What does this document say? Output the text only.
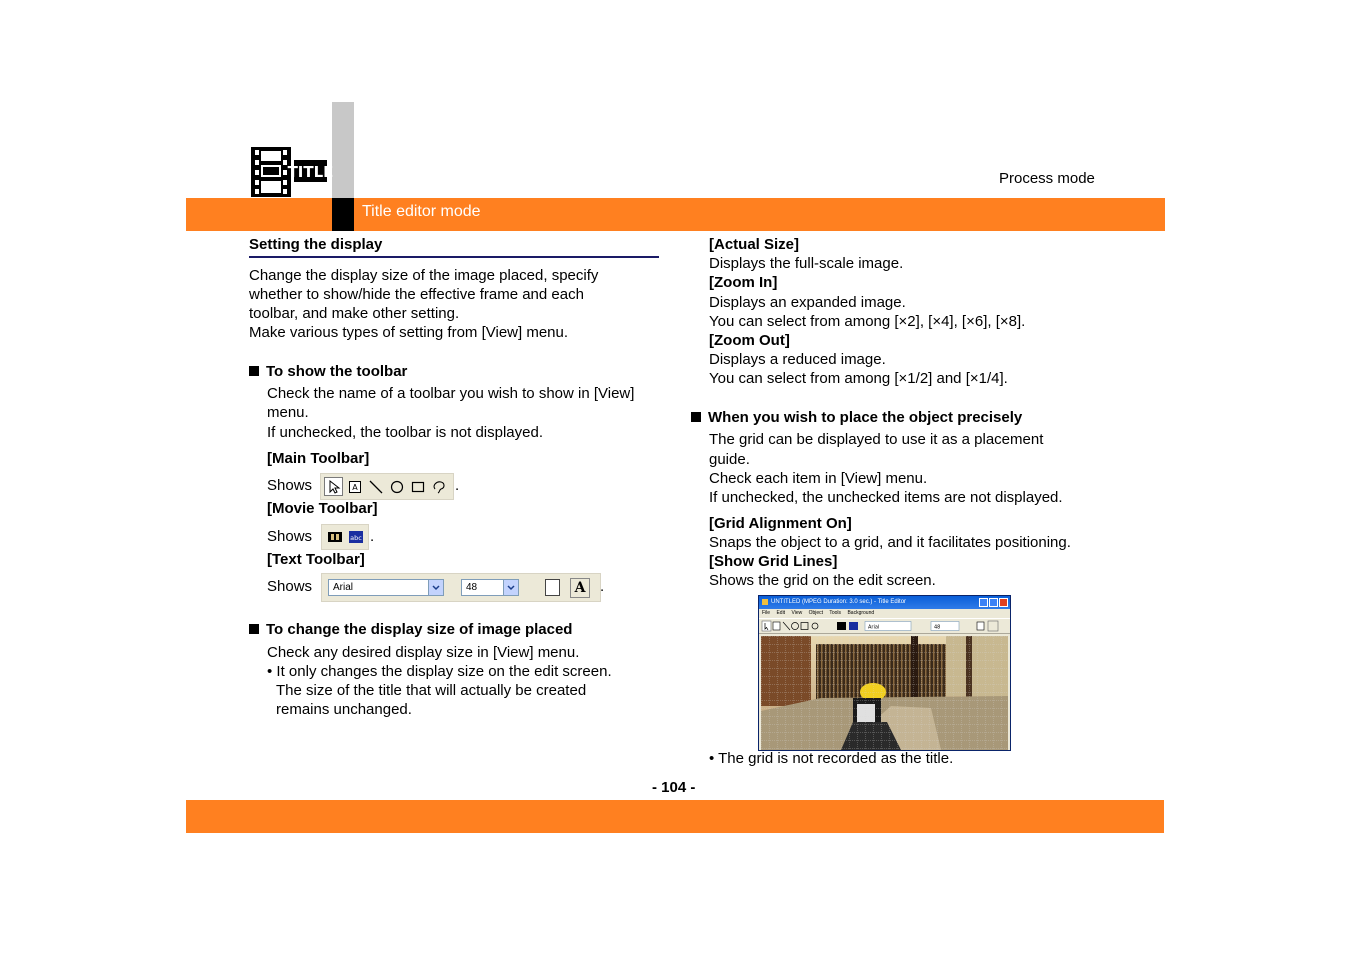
Title editor mode
TITLE	Process mode
Setting the display
Change the display size of the image placed, specify
whether to show/hide the effective frame and each
toolbar, and make other setting.
Make various types of setting from [View] menu.
To show the toolbar
Check the name of a toolbar you wish to show in [View]
menu.
If unchecked, the toolbar is not displayed.
[Main Toolbar]
Shows	A	.
[Movie Toolbar]
Shows	abc .
[Text Toolbar]
Shows	Arial	48	A .
To change the display size of image placed
Check any desired display size in [View] menu.
• It only changes the display size on the edit screen.
The size of the title that will actually be created
remains unchanged.
[Actual Size]
Displays the full-scale image.
[Zoom In]
Displays an expanded image.
You can select from among [×2], [×4], [×6], [×8].
[Zoom Out]
Displays a reduced image.
You can select from among [×1/2] and [×1/4].
When you wish to place the object precisely
The grid can be displayed to use it as a placement
guide.
Check each item in [View] menu.
If unchecked, the unchecked items are not displayed.
[Grid Alignment On]
Snaps the object to a grid, and it facilitates positioning.
[Show Grid Lines]
Shows the grid on the edit screen.
UNTITLED (MPEG Duration: 3.0 sec.) - Title Editor
File Edit View Object Tools Background
Arial	48
• The grid is not recorded as the title.
- 104 -
